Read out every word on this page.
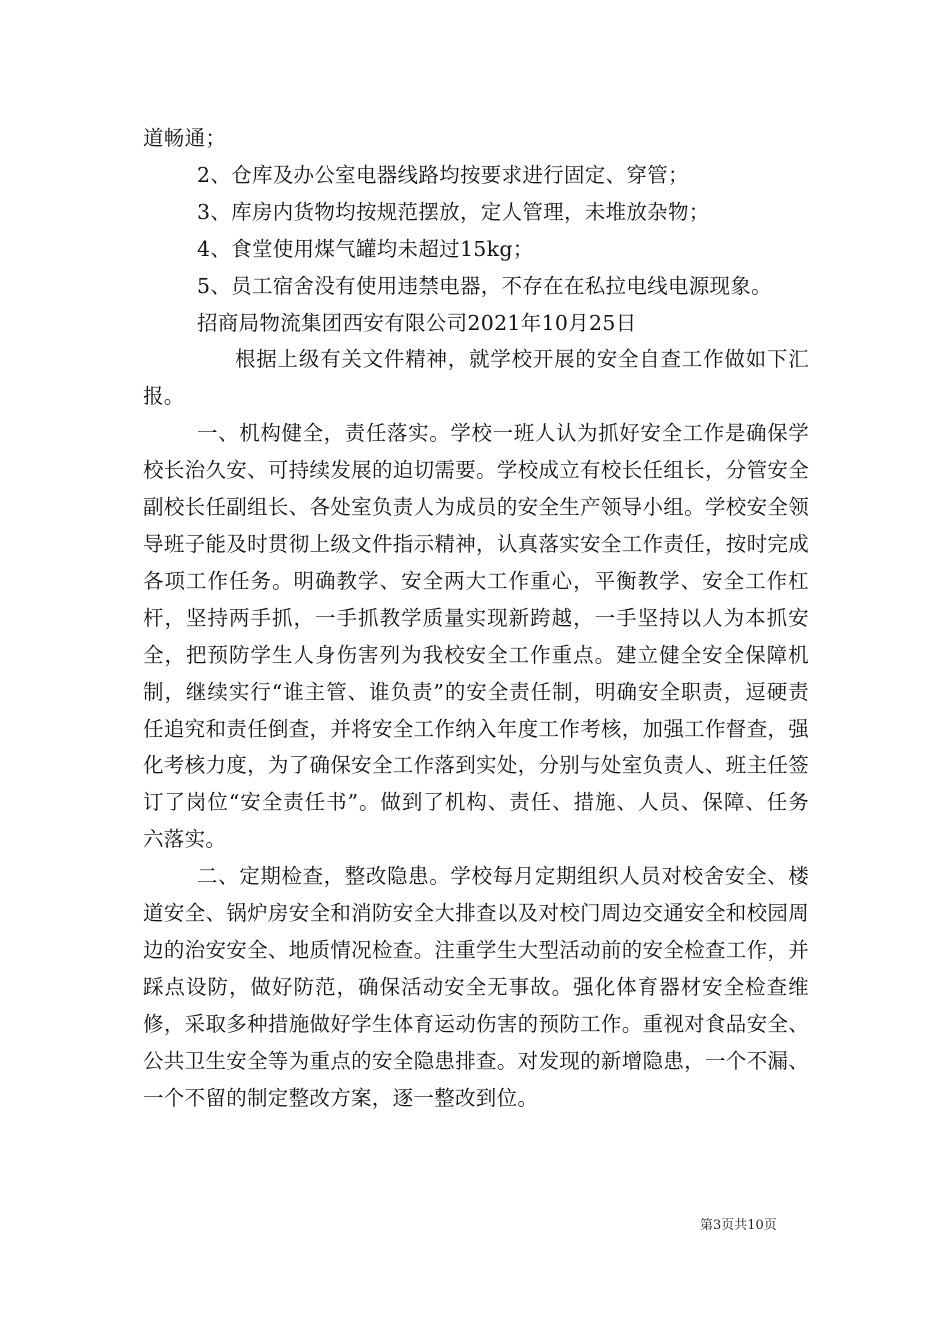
道畅通；

2、仓库及办公室电器线路均按要求进行固定、穿管；

3、库房内货物均按规范摆放，定人管理，未堆放杂物；

4、食堂使用煤气罐均未超过15kg；

5、员工宿舍没有使用违禁电器，不存在在私拉电线电源现象。

招商局物流集团西安有限公司2021年10月25日

根据上级有关文件精神，就学校开展的安全自查工作做如下汇报。

一、机构健全，责任落实。学校一班人认为抓好安全工作是确保学校长治久安、可持续发展的迫切需要。学校成立有校长任组长，分管安全副校长任副组长、各处室负责人为成员的安全生产领导小组。学校安全领导班子能及时贯彻上级文件指示精神，认真落实安全工作责任，按时完成各项工作任务。明确教学、安全两大工作重心，平衡教学、安全工作杠杆，坚持两手抓，一手抓教学质量实现新跨越，一手坚持以人为本抓安全，把预防学生人身伤害列为我校安全工作重点。建立健全安全保障机制，继续实行“谁主管、谁负责”的安全责任制，明确安全职责，逗硬责任追究和责任倒查，并将安全工作纳入年度工作考核，加强工作督查，强化考核力度，为了确保安全工作落到实处，分别与处室负责人、班主任签订了岗位“安全责任书”。做到了机构、责任、措施、人员、保障、任务六落实。

二、定期检查，整改隐患。学校每月定期组织人员对校舍安全、楼道安全、锅炉房安全和消防安全大排查以及对校门周边交通安全和校园周边的治安安全、地质情况检查。注重学生大型活动前的安全检查工作，并踩点设防，做好防范，确保活动安全无事故。强化体育器材安全检查维修，采取多种措施做好学生体育运动伤害的预防工作。重视对食品安全、公共卫生安全等为重点的安全隐患排查。对发现的新增隐患，一个不漏、一个不留的制定整改方案，逐一整改到位。

第3页共10页
